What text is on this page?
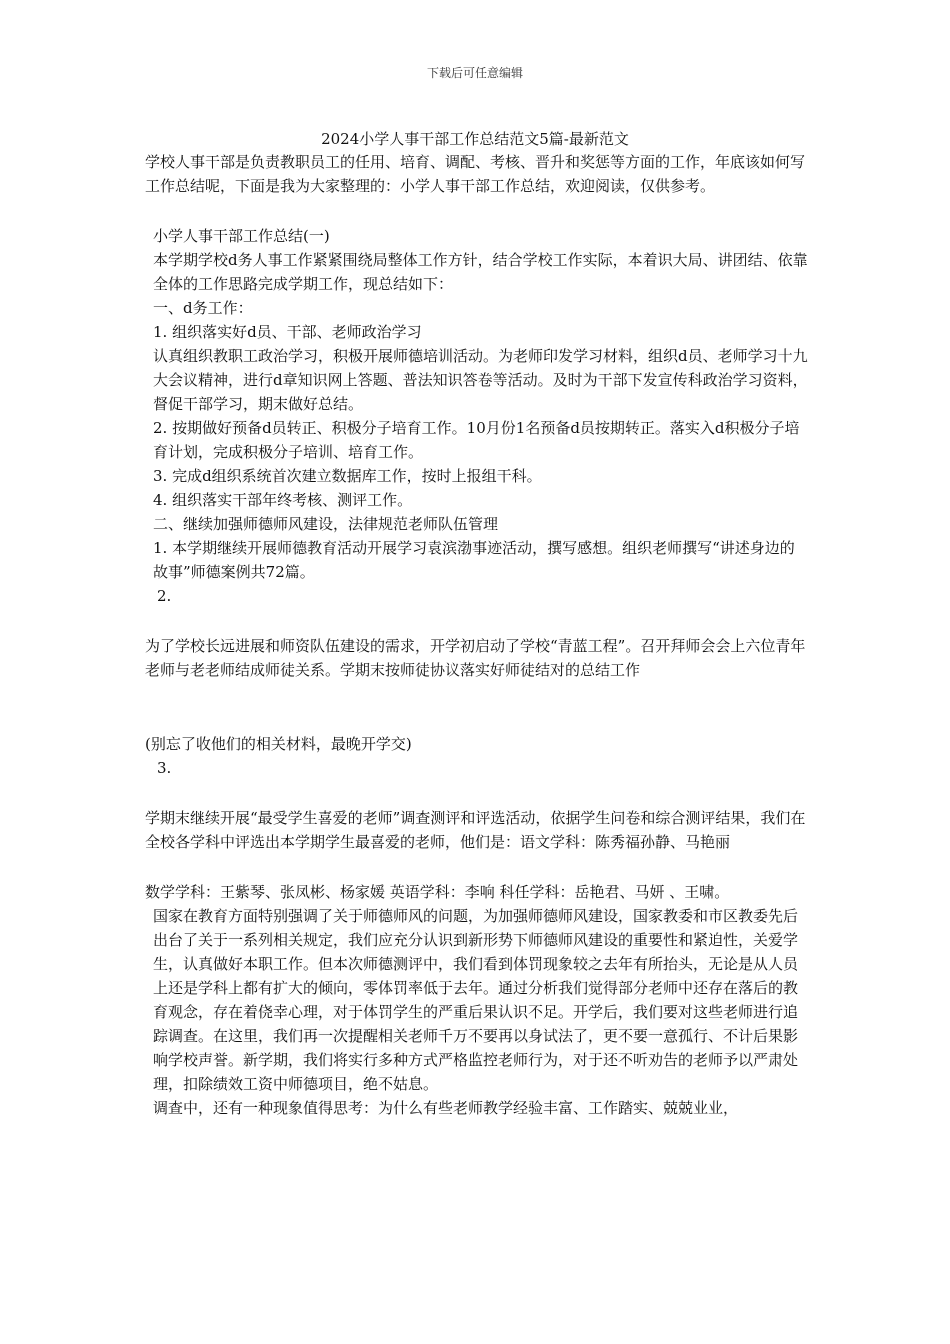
下载后可任意编辑
2024小学人事干部工作总结范文5篇-最新范文

学校人事干部是负责教职员工的任用、培育、调配、考核、晋升和奖惩等方面的工作，年底该如何写工作总结呢，下面是我为大家整理的：小学人事干部工作总结，欢迎阅读，仅供参考。

小学人事干部工作总结(一)

本学期学校d务人事工作紧紧围绕局整体工作方针，结合学校工作实际，本着识大局、讲团结、依靠全体的工作思路完成学期工作，现总结如下：

一、d务工作：

1. 组织落实好d员、干部、老师政治学习

认真组织教职工政治学习，积极开展师德培训活动。为老师印发学习材料，组织d员、老师学习十九大会议精神，进行d章知识网上答题、普法知识答卷等活动。及时为干部下发宣传科政治学习资料，督促干部学习，期末做好总结。

2. 按期做好预备d员转正、积极分子培育工作。10月份1名预备d员按期转正。落实入d积极分子培育计划，完成积极分子培训、培育工作。

3. 完成d组织系统首次建立数据库工作，按时上报组干科。

4. 组织落实干部年终考核、测评工作。

二、继续加强师德师风建设，法律规范老师队伍管理

1. 本学期继续开展师德教育活动开展学习袁滨渤事迹活动，撰写感想。组织老师撰写“讲述身边的故事”师德案例共72篇。

2.

为了学校长远进展和师资队伍建设的需求，开学初启动了学校“青蓝工程”。召开拜师会会上六位青年老师与老老师结成师徒关系。学期末按师徒协议落实好师徒结对的总结工作

(别忘了收他们的相关材料，最晚开学交)

3.

学期末继续开展“最受学生喜爱的老师”调查测评和评选活动，依据学生问卷和综合测评结果，我们在全校各学科中评选出本学期学生最喜爱的老师，他们是：语文学科：陈秀福孙静、马艳丽

数学学科：王紫琴、张凤彬、杨家媛 英语学科：李响 科任学科：岳艳君、马妍 、王啸。

国家在教育方面特别强调了关于师德师风的问题，为加强师德师风建设，国家教委和市区教委先后出台了关于一系列相关规定，我们应充分认识到新形势下师德师风建设的重要性和紧迫性，关爱学生，认真做好本职工作。但本次师德测评中，我们看到体罚现象较之去年有所抬头，无论是从人员上还是学科上都有扩大的倾向，零体罚率低于去年。通过分析我们觉得部分老师中还存在落后的教育观念，存在着侥幸心理，对于体罚学生的严重后果认识不足。开学后，我们要对这些老师进行追踪调查。在这里，我们再一次提醒相关老师千万不要再以身试法了，更不要一意孤行、不计后果影响学校声誉。新学期，我们将实行多种方式严格监控老师行为，对于还不听劝告的老师予以严肃处理，扣除绩效工资中师德项目，绝不姑息。

调查中，还有一种现象值得思考：为什么有些老师教学经验丰富、工作踏实、兢兢业业，
